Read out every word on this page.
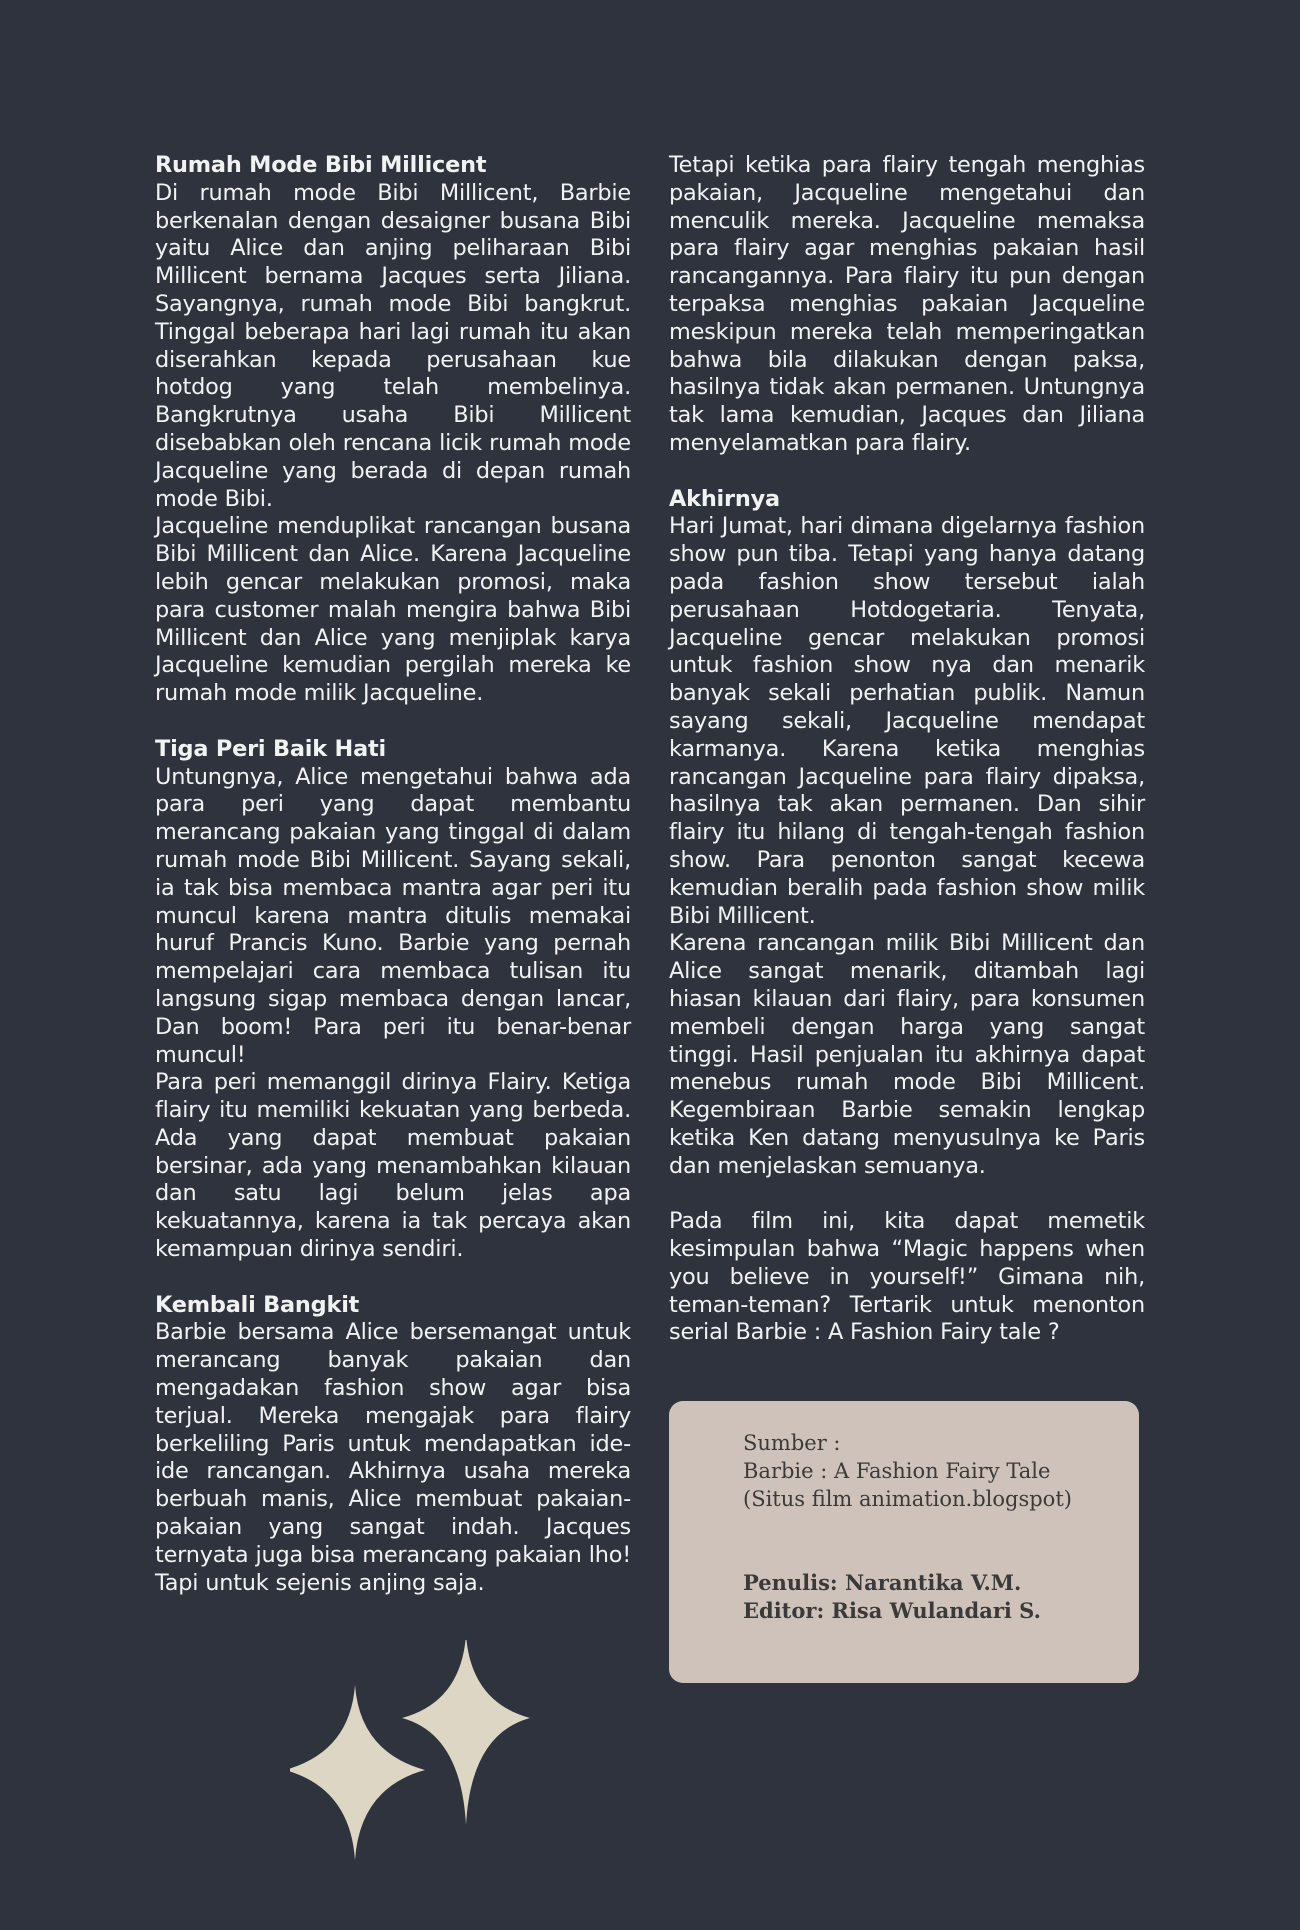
Rumah Mode Bibi Millicent
Di rumah mode Bibi Millicent, Barbie berkenalan dengan desaigner busana Bibi yaitu Alice dan anjing peliharaan Bibi Millicent bernama Jacques serta Jiliana. Sayangnya, rumah mode Bibi bangkrut. Tinggal beberapa hari lagi rumah itu akan diserahkan kepada perusahaan kue hotdog yang telah membelinya. Bangkrutnya usaha Bibi Millicent disebabkan oleh rencana licik rumah mode Jacqueline yang berada di depan rumah mode Bibi.
Jacqueline menduplikat rancangan busana Bibi Millicent dan Alice. Karena Jacqueline lebih gencar melakukan promosi, maka para customer malah mengira bahwa Bibi Millicent dan Alice yang menjiplak karya Jacqueline kemudian pergilah mereka ke rumah mode milik Jacqueline.
Tiga Peri Baik Hati
Untungnya, Alice mengetahui bahwa ada para peri yang dapat membantu merancang pakaian yang tinggal di dalam rumah mode Bibi Millicent. Sayang sekali, ia tak bisa membaca mantra agar peri itu muncul karena mantra ditulis memakai huruf Prancis Kuno. Barbie yang pernah mempelajari cara membaca tulisan itu langsung sigap membaca dengan lancar, Dan boom! Para peri itu benar-benar muncul!
Para peri memanggil dirinya Flairy. Ketiga flairy itu memiliki kekuatan yang berbeda. Ada yang dapat membuat pakaian bersinar, ada yang menambahkan kilauan dan satu lagi belum jelas apa kekuatannya, karena ia tak percaya akan kemampuan dirinya sendiri.
Kembali Bangkit
Barbie bersama Alice bersemangat untuk merancang banyak pakaian dan mengadakan fashion show agar bisa terjual. Mereka mengajak para flairy berkeliling Paris untuk mendapatkan ide-ide rancangan. Akhirnya usaha mereka berbuah manis, Alice membuat pakaian-pakaian yang sangat indah. Jacques ternyata juga bisa merancang pakaian lho! Tapi untuk sejenis anjing saja.
Tetapi ketika para flairy tengah menghias pakaian, Jacqueline mengetahui dan menculik mereka. Jacqueline memaksa para flairy agar menghias pakaian hasil rancangannya. Para flairy itu pun dengan terpaksa menghias pakaian Jacqueline meskipun mereka telah memperingatkan bahwa bila dilakukan dengan paksa, hasilnya tidak akan permanen. Untungnya tak lama kemudian, Jacques dan Jiliana menyelamatkan para flairy.
Akhirnya
Hari Jumat, hari dimana digelarnya fashion show pun tiba. Tetapi yang hanya datang pada fashion show tersebut ialah perusahaan Hotdogetaria. Tenyata, Jacqueline gencar melakukan promosi untuk fashion show nya dan menarik banyak sekali perhatian publik. Namun sayang sekali, Jacqueline mendapat karmanya. Karena ketika menghias rancangan Jacqueline para flairy dipaksa, hasilnya tak akan permanen. Dan sihir flairy itu hilang di tengah-tengah fashion show. Para penonton sangat kecewa kemudian beralih pada fashion show milik Bibi Millicent.
Karena rancangan milik Bibi Millicent dan Alice sangat menarik, ditambah lagi hiasan kilauan dari flairy, para konsumen membeli dengan harga yang sangat tinggi. Hasil penjualan itu akhirnya dapat menebus rumah mode Bibi Millicent. Kegembiraan Barbie semakin lengkap ketika Ken datang menyusulnya ke Paris dan menjelaskan semuanya.
Pada film ini, kita dapat memetik kesimpulan bahwa “Magic happens when you believe in yourself!” Gimana nih, teman-teman? Tertarik untuk menonton serial Barbie : A Fashion Fairy tale ?
Sumber :
Barbie : A Fashion Fairy Tale
(Situs film animation.blogspot)
Penulis: Narantika V.M.
Editor: Risa Wulandari S.
